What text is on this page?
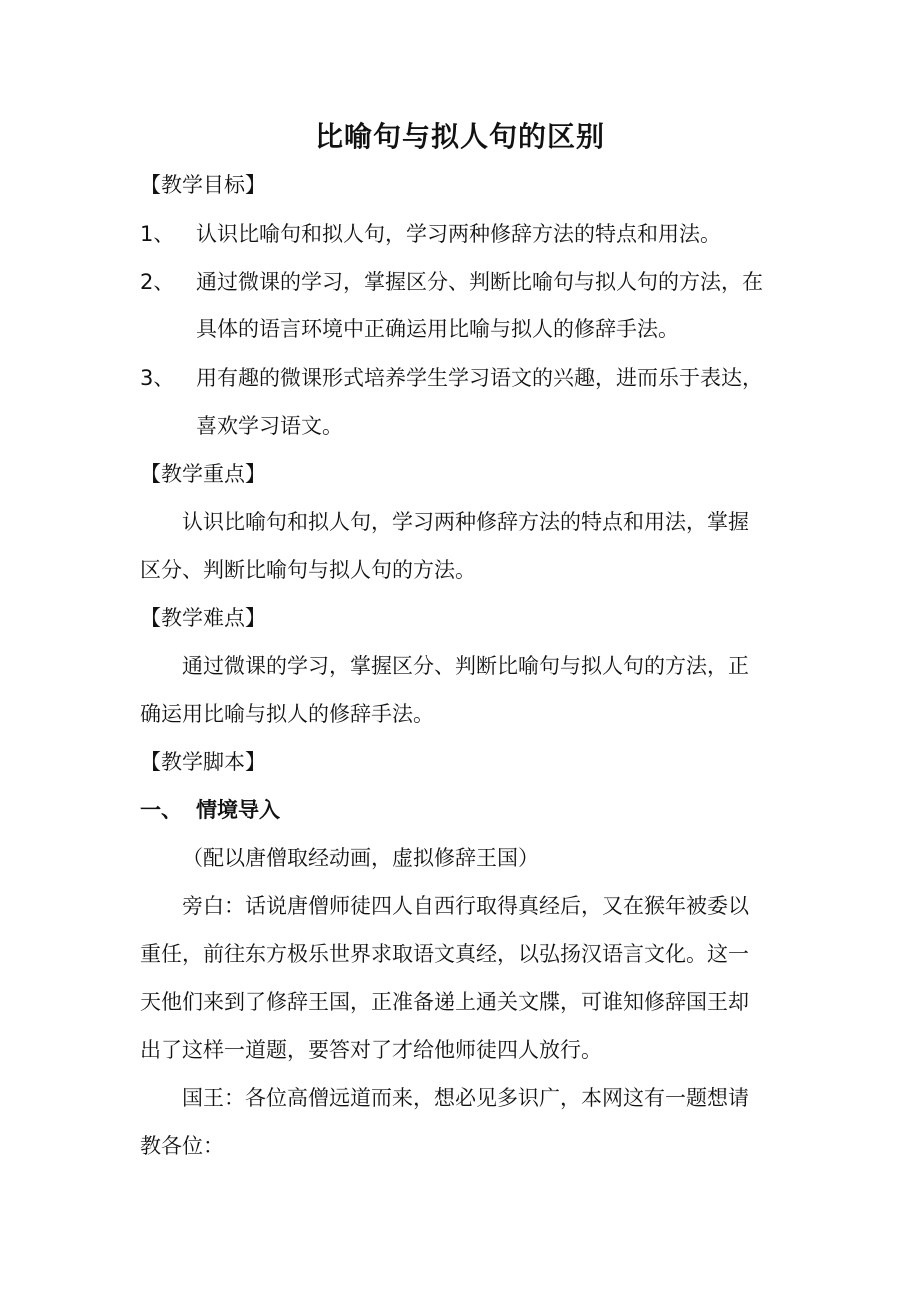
比喻句与拟人句的区别
【教学目标】
1、 认识比喻句和拟人句，学习两种修辞方法的特点和用法。
2、 通过微课的学习，掌握区分、判断比喻句与拟人句的方法，在
具体的语言环境中正确运用比喻与拟人的修辞手法。
3、 用有趣的微课形式培养学生学习语文的兴趣，进而乐于表达，
喜欢学习语文。
【教学重点】
认识比喻句和拟人句，学习两种修辞方法的特点和用法，掌握
区分、判断比喻句与拟人句的方法。
【教学难点】
通过微课的学习，掌握区分、判断比喻句与拟人句的方法，正
确运用比喻与拟人的修辞手法。
【教学脚本】
一、 情境导入
（配以唐僧取经动画，虚拟修辞王国）
旁白：话说唐僧师徒四人自西行取得真经后，又在猴年被委以
重任，前往东方极乐世界求取语文真经，以弘扬汉语言文化。这一
天他们来到了修辞王国，正准备递上通关文牒，可谁知修辞国王却
出了这样一道题，要答对了才给他师徒四人放行。
国王：各位高僧远道而来，想必见多识广，本网这有一题想请
教各位：
